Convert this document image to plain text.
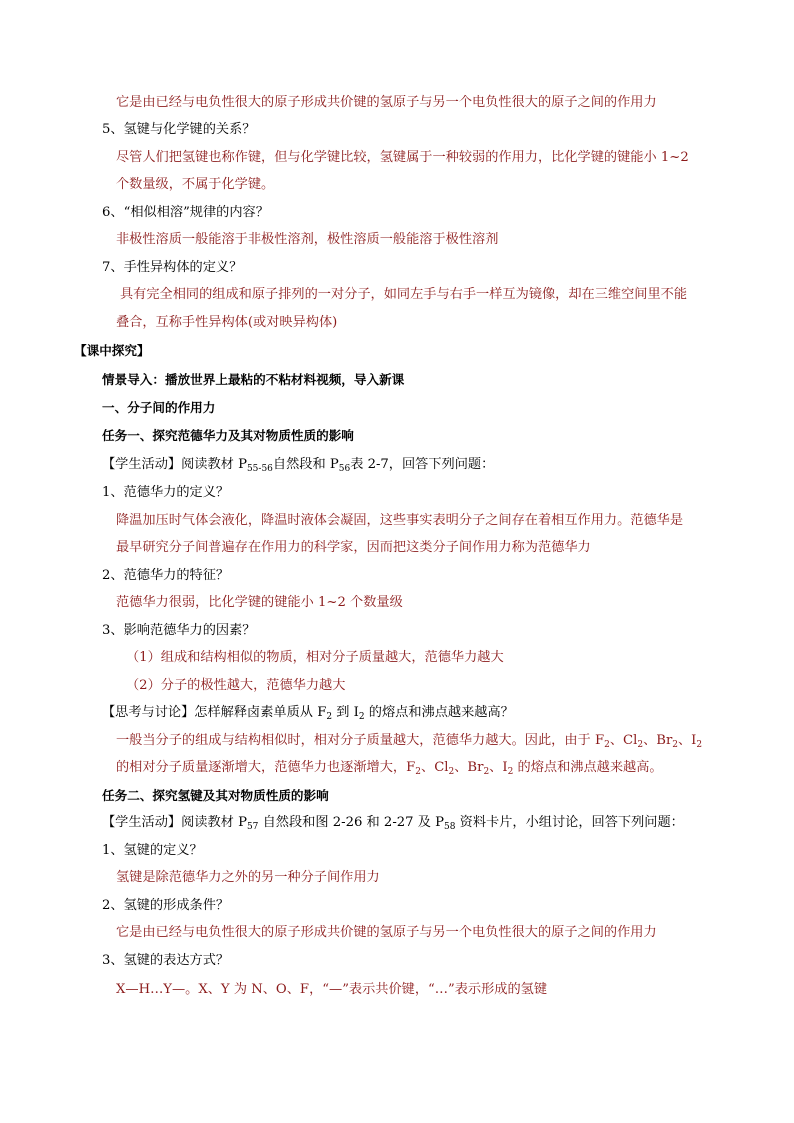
它是由已经与电负性很大的原子形成共价键的氢原子与另一个电负性很大的原子之间的作用力
5、氢键与化学键的关系？
尽管人们把氢键也称作键，但与化学键比较，氢键属于一种较弱的作用力，比化学键的键能小 1~2
个数量级，不属于化学键。
6、“相似相溶”规律的内容？
非极性溶质一般能溶于非极性溶剂，极性溶质一般能溶于极性溶剂
7、手性异构体的定义？
具有完全相同的组成和原子排列的一对分子，如同左手与右手一样互为镜像，却在三维空间里不能
叠合，互称手性异构体(或对映异构体)
【课中探究】
情景导入：播放世界上最粘的不粘材料视频，导入新课
一、分子间的作用力
任务一、探究范德华力及其对物质性质的影响
【学生活动】阅读教材 $P_{55-56}$自然段和 $P_{56}$表 2-7，回答下列问题：
1、范德华力的定义？
降温加压时气体会液化，降温时液体会凝固，这些事实表明分子之间存在着相互作用力。范德华是
最早研究分子间普遍存在作用力的科学家，因而把这类分子间作用力称为范德华力
2、范德华力的特征？
范德华力很弱，比化学键的键能小 1~2 个数量级
3、影响范德华力的因素？
（1）组成和结构相似的物质，相对分子质量越大，范德华力越大
（2）分子的极性越大，范德华力越大
【思考与讨论】怎样解释卤素单质从 $F_2$ 到 $I_2$ 的熔点和沸点越来越高？
一般当分子的组成与结构相似时，相对分子质量越大，范德华力越大。因此，由于 $F_2$、$Cl_2$、$Br_2$、$I_2$
的相对分子质量逐渐增大，范德华力也逐渐增大，$F_2$、$Cl_2$、$Br_2$、$I_2$ 的熔点和沸点越来越高。
任务二、探究氢键及其对物质性质的影响
【学生活动】阅读教材 $P_{57}$ 自然段和图 2-26 和 2-27 及 $P_{58}$ 资料卡片，小组讨论，回答下列问题：
1、氢键的定义？
氢键是除范德华力之外的另一种分子间作用力
2、氢键的形成条件？
它是由已经与电负性很大的原子形成共价键的氢原子与另一个电负性很大的原子之间的作用力
3、氢键的表达方式？
X—H…Y—。X、Y 为 N、O、F，“—”表示共价键，“…”表示形成的氢键
